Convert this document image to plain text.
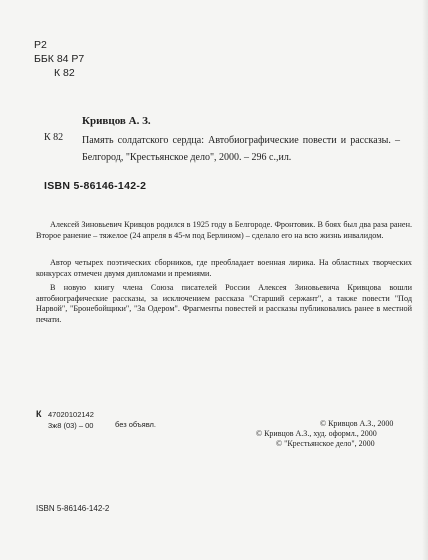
Р2
ББК 84 Р7
К 82
Кривцов А. З.
К 82 Память солдатского сердца: Автобиографические повести и рассказы. – Белгород, "Крестьянское дело", 2000. – 296 с.,ил.
ISBN 5-86146-142-2
Алексей Зиновьевич Кривцов родился в 1925 году в Белгороде. Фронтовик. В боях был два раза ранен. Второе ранение – тяжелое (24 апреля в 45-м под Берлином) – сделало его на всю жизнь инвалидом.
Автор четырех поэтических сборников, где преобладает военная лирика. На областных творческих конкурсах отмечен двумя дипломами и премиями.
В новую книгу члена Союза писателей России Алексея Зиновьевича Кривцова вошли автобиографические рассказы, за исключением рассказа "Старший сержант", а также повести "Под Нарвой", "Бронебойщики", "За Одером". Фрагменты повестей и рассказы публиковались ранее в местной печати.
К 47020102142
3ж8 (03) – 00	без объявл.	© Кривцов А.З., 2000
© Кривцов А.З., худ. оформл., 2000
© "Крестьянское дело", 2000
ISBN 5-86146-142-2
